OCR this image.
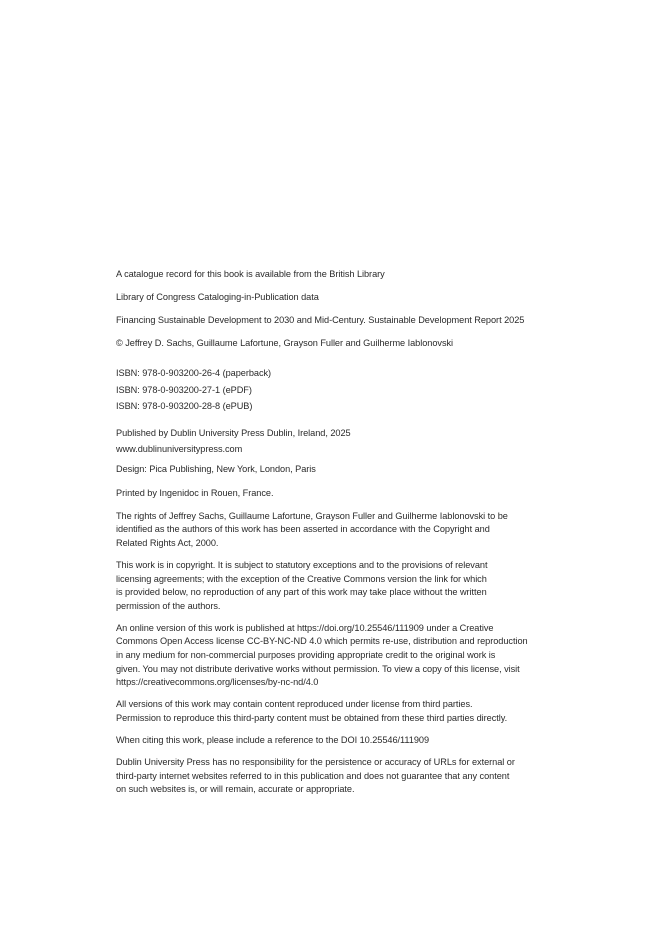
A catalogue record for this book is available from the British Library

Library of Congress Cataloging-in-Publication data

Financing Sustainable Development to 2030 and Mid-Century. Sustainable Development Report 2025

© Jeffrey D. Sachs, Guillaume Lafortune, Grayson Fuller and Guilherme Iablonovski

ISBN: 978-0-903200-26-4 (paperback)

ISBN: 978-0-903200-27-1 (ePDF)

ISBN: 978-0-903200-28-8 (ePUB)

Published by Dublin University Press Dublin, Ireland, 2025

www.dublinuniversitypress.com

Design: Pica Publishing, New York, London, Paris

Printed by Ingenidoc in Rouen, France.

The rights of Jeffrey Sachs, Guillaume Lafortune, Grayson Fuller and Guilherme Iablonovski to be
identified as the authors of this work has been asserted in accordance with the Copyright and
Related Rights Act, 2000.

This work is in copyright. It is subject to statutory exceptions and to the provisions of relevant
licensing agreements; with the exception of the Creative Commons version the link for which
is provided below, no reproduction of any part of this work may take place without the written
permission of the authors.

An online version of this work is published at https://doi.org/10.25546/111909 under a Creative
Commons Open Access license CC-BY-NC-ND 4.0 which permits re-use, distribution and reproduction
in any medium for non-commercial purposes providing appropriate credit to the original work is
given. You may not distribute derivative works without permission. To view a copy of this license, visit
https://creativecommons.org/licenses/by-nc-nd/4.0

All versions of this work may contain content reproduced under license from third parties.
Permission to reproduce this third-party content must be obtained from these third parties directly.

When citing this work, please include a reference to the DOI 10.25546/111909

Dublin University Press has no responsibility for the persistence or accuracy of URLs for external or
third-party internet websites referred to in this publication and does not guarantee that any content
on such websites is, or will remain, accurate or appropriate.
